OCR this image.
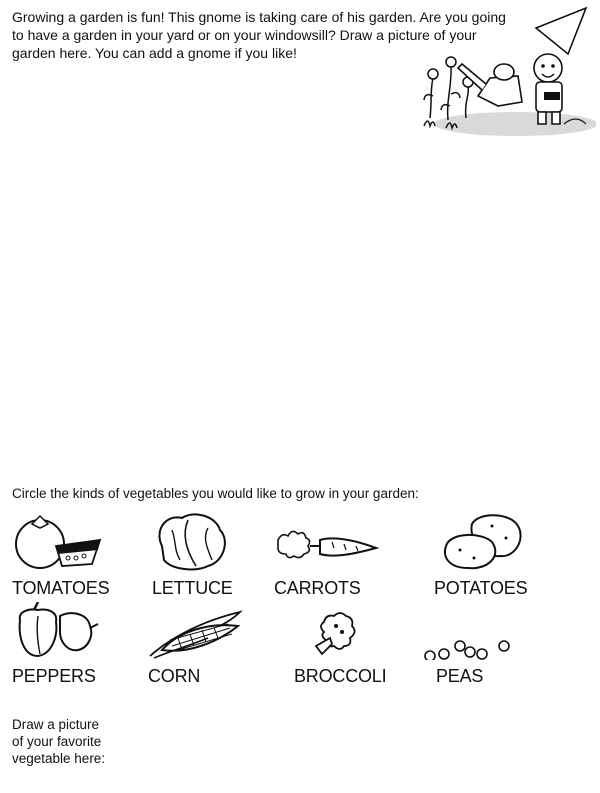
Growing a garden is fun! This gnome is taking care of his garden. Are you going to have a garden in your yard or on your windowsill? Draw a picture of your garden here. You can add a gnome if you like!
Circle the kinds of vegetables you would like to grow in your garden:
TOMATOES LETTUCE CARROTS	POTATOES
PEPPERS	CORN	BROCCOLI	PEAS
Draw a picture
of your favorite
vegetable here:
